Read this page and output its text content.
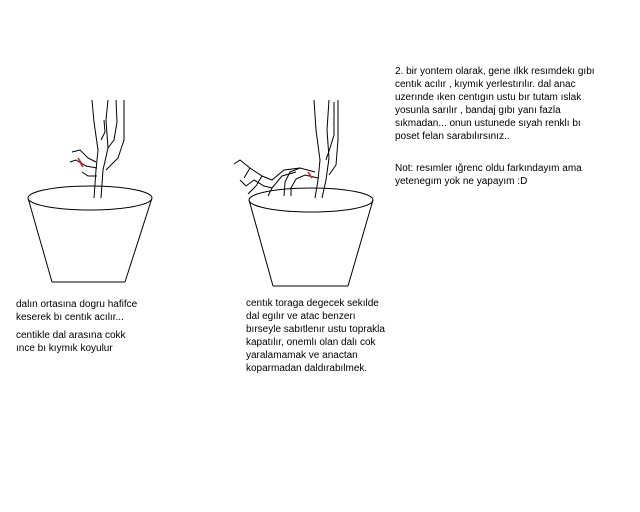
dalın ortasına dogru hafifce
keserek bı centık acılır...

centikle dal arasına cokk
ınce bı kıymık koyulur

centık toraga degecek sekılde
dal egılır ve atac benzerı
bırseyle sabıtlenır ustu toprakla
kapatılır, onemlı olan dalı cok
yaralamamak ve anactan
koparmadan daldırabılmek.

2. bir yontem olarak, gene ılkk resımdekı gıbı
centık acılır , kıymık yerlestırılır. dal anac
uzerınde ıken centıgın ustu bır tutam ıslak
yosunla sarılır , bandaj gıbı yanı fazla
sıkmadan... onun ustunede sıyah renklı bı
poset felan sarabılırsınız..

Not: resımler ığrenc oldu farkındayım ama
yetenegım yok ne yapayım :D
